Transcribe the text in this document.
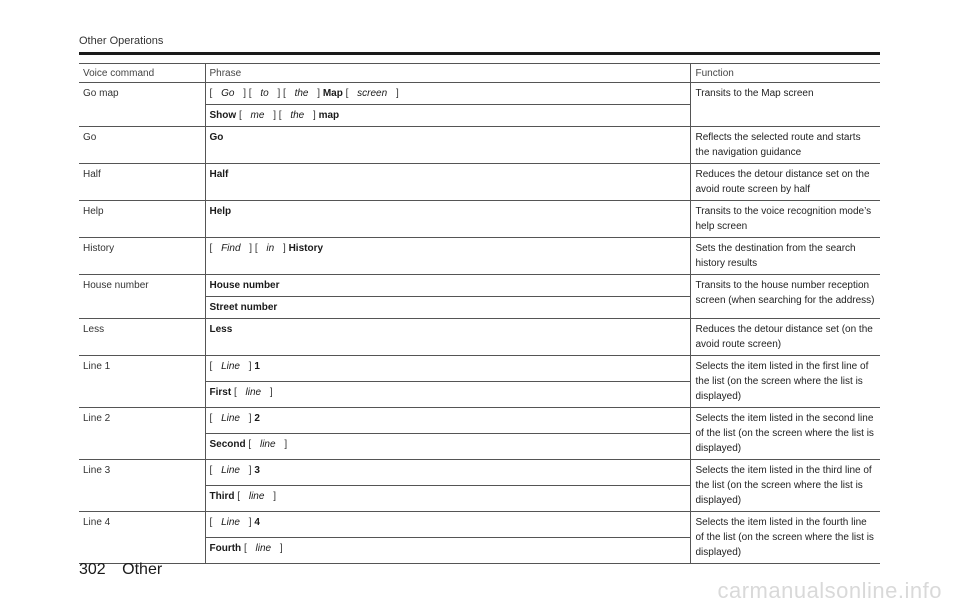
Other Operations
Voice command	Phrase	Function
Go map	[ Go ] [ to ] [ the ] Map [ screen ]	Transits to the Map screen
	Show [ me ] [ the ] map	
Go	Go	Reflects the selected route and starts the navigation guidance
Half	Half	Reduces the detour distance set on the avoid route screen by half
Help	Help	Transits to the voice recognition mode’s help screen
History	[ Find ] [ in ] History	Sets the destination from the search history results
House number	House number	Transits to the house number reception screen (when searching for the address)
	Street number	
Less	Less	Reduces the detour distance set (on the avoid route screen)
Line 1	[ Line ] 1	Selects the item listed in the first line of the list (on the screen where the list is displayed)
	First [ line ]	
Line 2	[ Line ] 2	Selects the item listed in the second line of the list (on the screen where the list is displayed)
	Second [ line ]	
Line 3	[ Line ] 3	Selects the item listed in the third line of the list (on the screen where the list is displayed)
	Third [ line ]	
Line 4	[ Line ] 4	Selects the item listed in the fourth line of the list (on the screen where the list is displayed)
	Fourth [ line ]	
302 Other
carmanualsonline.info
